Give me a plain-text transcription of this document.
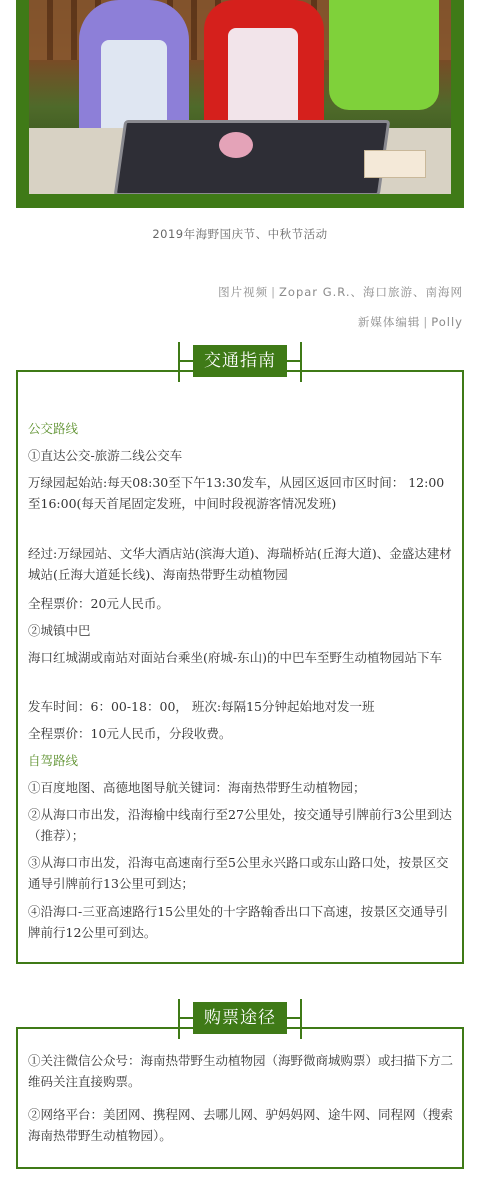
2019年海野国庆节、中秋节活动
图片视频 | Zopar G.R.、海口旅游、南海网
新媒体编辑 | Polly
交通指南
公交路线
①直达公交-旅游二线公交车
万绿园起始站:每天08:30至下午13:30发车，从园区返回市区时间： 12:00至16:00(每天首尾固定发班，中间时段视游客情况发班)
经过:万绿园站、文华大酒店站(滨海大道)、海瑞桥站(丘海大道)、金盛达建材城站(丘海大道延长线)、海南热带野生动植物园
全程票价：20元人民币。
②城镇中巴
海口红城湖或南站对面站台乘坐(府城-东山)的中巴车至野生动植物园站下车
发车时间：6：00-18：00， 班次:每隔15分钟起始地对发一班
全程票价：10元人民币，分段收费。
自驾路线
①百度地图、高德地图导航关键词：海南热带野生动植物园；
②从海口市出发，沿海榆中线南行至27公里处，按交通导引牌前行3公里到达（推荐）；
③从海口市出发，沿海屯高速南行至5公里永兴路口或东山路口处，按景区交通导引牌前行13公里可到达；
④沿海口-三亚高速路行15公里处的十字路翰香出口下高速，按景区交通导引牌前行12公里可到达。
购票途径
①关注微信公众号：海南热带野生动植物园（海野微商城购票）或扫描下方二维码关注直接购票。
②网络平台：美团网、携程网、去哪儿网、驴妈妈网、途牛网、同程网（搜索海南热带野生动植物园）。
